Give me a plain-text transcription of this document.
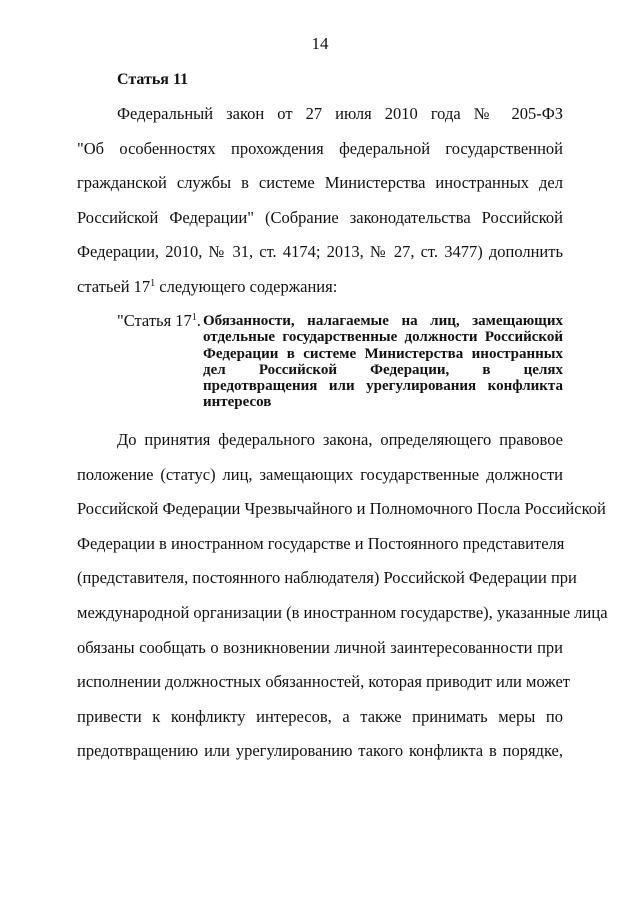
14
Статья 11
Федеральный закон от 27 июля 2010 года № 205-ФЗ
"Об особенностях прохождения федеральной государственной
гражданской службы в системе Министерства иностранных дел
Российской Федерации" (Собрание законодательства Российской
Федерации, 2010, № 31, ст. 4174; 2013, № 27, ст. 3477) дополнить
статьей $17^1$ следующего содержания:
"Статья $17^1$. Обязанности, налагаемые на лиц, замещающих
отдельные государственные должности Российской
Федерации в системе Министерства иностранных
дел Российской Федерации, в целях
предотвращения или урегулирования конфликта
интересов
До принятия федерального закона, определяющего правовое
положение (статус) лиц, замещающих государственные должности
Российской Федерации Чрезвычайного и Полномочного Посла Российской
Федерации в иностранном государстве и Постоянного представителя
(представителя, постоянного наблюдателя) Российской Федерации при
международной организации (в иностранном государстве), указанные лица
обязаны сообщать о возникновении личной заинтересованности при
исполнении должностных обязанностей, которая приводит или может
привести к конфликту интересов, а также принимать меры по
предотвращению или урегулированию такого конфликта в порядке,
